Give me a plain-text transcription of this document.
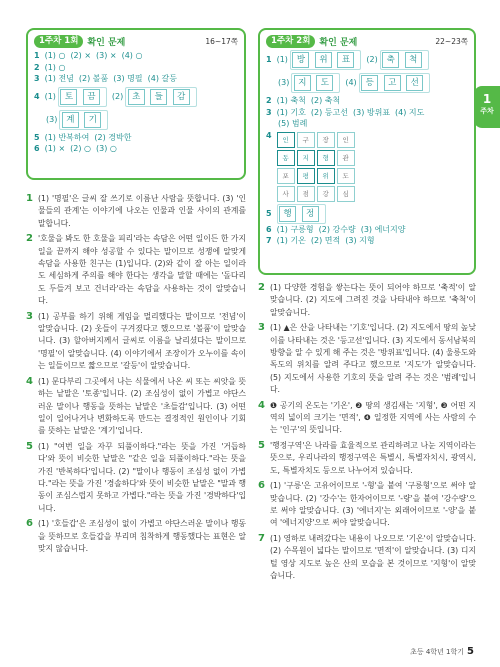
1주차 1회	확인 문제	16~17쪽
1 (1) ○ (2) × (3) × (4) ○
2 (1) ○
3 (1) 전념 (2) 볼품 (3) 명필 (4) 갈등
4 (1)	토	끔	(2)	초	들	감
(3)	계	기
5 (1) 반복하여 (2) 경박한
6 (1) × (2) ○ (3) ○
1주차 2회	확인 문제	22~23쪽
1 (1)	방	위	표	(2)	축	척
(3)	지	도	(4)	등	고	선
2 (1) 축척 (2) 축척
3 (1) 기호 (2) 등고선 (3) 방위표 (4) 지도
(5) 범례
4	인	구	장	인
동	지	형	관
포	평	위	도
사	점	강	심
5	행	정
6 (1) 구릉형 (2) 강수량 (3) 에너지양
7 (1) 기온 (2) 면적 (3) 지형
1
주차
1 (1) '명필'은 글씨 잘 쓰기로 이름난 사람을 뜻합니다. (3) '인물들의 관계'는 이야기에 나오는 인물과 인물 사이의 관계를 말합니다.
2 '호물을 봐도 한 호물을 피리'라는 속담은 어떤 일이든 한 가지 일을 끝까지 해야 성공할 수 있다는 말이므로 성쟁에 알맞게 속담을 사용한 친구는 (1)입니다. (2)와 같이 잘 아는 일이라도 세심하게 주의를 해야 한다는 생각을 말할 때에는 '돌다리도 두들겨 보고 건너라'라는 속담을 사용하는 것이 알맞습니다.
3 (1) 공부를 하기 위해 게임을 멀리했다는 말이므로 '전념'이 알맞습니다. (2) 옷들이 구겨졌다고 했으므로 '볼품'이 알맞습니다. (3) 할아버지께서 글씨로 이름을 날리셨다는 말이므로 '명필'이 알맞습니다. (4) 이야기에서 조장이가 오누이를 속이는 일들이므로 짧으므로 '갈등'이 알맞습니다.
4 (1) 문다부리 그곳에서 나는 식물에서 나온 씨 또는 씨앗을 뜻하는 낱말은 '토종'입니다. (2) 조심성이 없이 가볍고 야단스러운 말이나 행동을 뜻하는 낱말은 '초들감'입니다. (3) 어떤 일이 일어나거나 변화하도록 만드는 결정적인 원인이나 기회를 뜻하는 낱말은 '계기'입니다.
5 (1) "여번 일을 자꾸 되풀이하다."라는 뜻을 가진 '거듭하다'와 뜻이 비슷한 낱말은 "같은 일을 되풀이하다."라는 뜻을 가진 '반복하다'입니다. (2) "말이나 행동이 조심성 없이 가볍다."라는 뜻을 가진 '경솔하다'와 뜻이 비슷한 낱말은 "말과 행동이 조심스럽지 못하고 가볍다."라는 뜻을 가진 '경박하다'입니다.
6 (1) '호들갑'은 조심성이 없이 가볍고 야단스러운 말이나 행동을 뜻하므로 호들갑을 부리며 침착하게 행동했다는 표현은 알맞지 않습니다.
2 (1) 다양한 경험을 쌓는다는 뜻이 되어야 하므로 '축적'이 알맞습니다. (2) 지도에 그려진 것을 나타내야 하므로 '축척'이 알맞습니다.
3 (1) ▲은 산을 나타내는 '기호'입니다. (2) 지도에서 땅의 높낮이를 나타내는 것은 '등고선'입니다. (3) 지도에서 동서남북의 방향을 알 수 있게 해 주는 것은 '방위표'입니다. (4) 울릉도와 독도의 위치를 알려 주다고 했으므로 '지도'가 알맞습니다. (5) 지도에서 사용한 기호의 뜻을 알려 주는 것은 '범례'입니다.
4 ❶ 공기의 온도는 '기온', ❷ 땅의 생김새는 '지형', ❸ 어떤 지역의 넓이의 크기는 '면적', ❹ 일정한 지역에 사는 사람의 수는 '인구'의 뜻입니다.
5 '행정구역'은 나라를 효율적으로 관리하려고 나눈 지역이라는 뜻으로, 우리나라의 행정구역은 특별시, 특별자치시, 광역시, 도, 특별자치도 등으로 나누어져 있습니다.
6 (1) '구릉'은 고유어이므로 '-형'을 붙여 '구릉형'으로 써야 알맞습니다. (2) '강수'는 한자어이므로 '-량'을 붙여 '강수량'으로 써야 알맞습니다. (3) '에너지'는 외래어이므로 '-양'을 붙여 '에너지양'으로 써야 알맞습니다.
7 (1) 영하로 내려갔다는 내용이 나오므로 '기온'이 알맞습니다. (2) 수목원이 넓다는 말이므로 '면적'이 알맞습니다. (3) 디지털 영상 지도로 높은 산의 모습을 본 것이므로 '지형'이 알맞습니다.
초등 4학년 1학기 5
